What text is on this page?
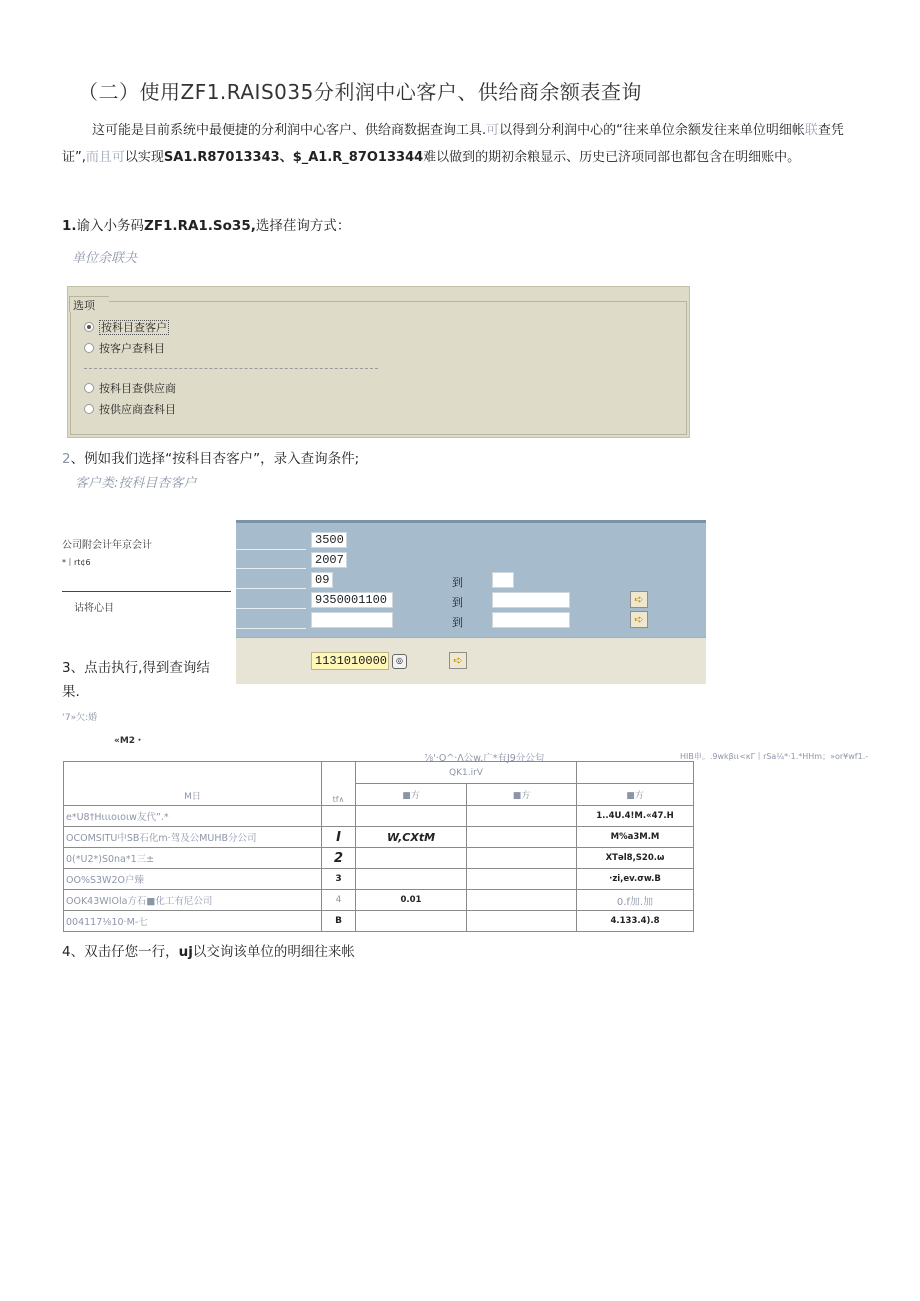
（二）使用ZF1.RAIS035分利润中心客户、供给商余额表查询
这可能是目前系统中最便捷的分利润中心客户、供给商数据查询工具.可以得到分利润中心的“往来单位余额发往来单位明细帐联查凭证”,而且可以实现SA1.R87013343、$_A1.R_87O13344难以做到的期初余粮显示、历史已济项同部也都包含在明细账中。
1.谕入小务码ZF1.RA1.So35,选择荏询方式：
单位余联夬
选项
按科目查客户
按客户查科目
按科目查供应商
按供应商查科目
2、例如我们选择“按科目杏客户”，录入查询条件;
客户类:按科目杏客户
公司附会计年京会计
*丨rt¢6
诂将心目
3500
2007
09	到
9350001100	到	➪
到	➪
1131010000	◎	➪
3、点击执行,得到查询结
果.
ʻ7»欠:婚
«M2・
⅞'·O^·Λ公w.广*有J9分公匂	HIB申。.9wkβιι<κΓ丨rSa¼*·1.*HHm；»or¥wf1.-
M日	tf∧	QK1.irV		
		■方	■方	■方
e*U8†Hιιιoιoιw友代”.*				1..4U.4!M.«47.H
OCOMSITU中SB石化m·驾及公MUHB分公司	I	W,CXtM		M%a3M.M
0(*U2*)S0na*1三±	2			XTəl8,S20.ω
OO%S3W2O户臻	3			·zi,ev.σw.B
OOK43WIOla方石■化工有尼公司	4	0.01		0.f加.加
004117⅛10·M-七	B			4.133.4).8
4、双击仔您一行，uj以交询该单位的明细往来帐
